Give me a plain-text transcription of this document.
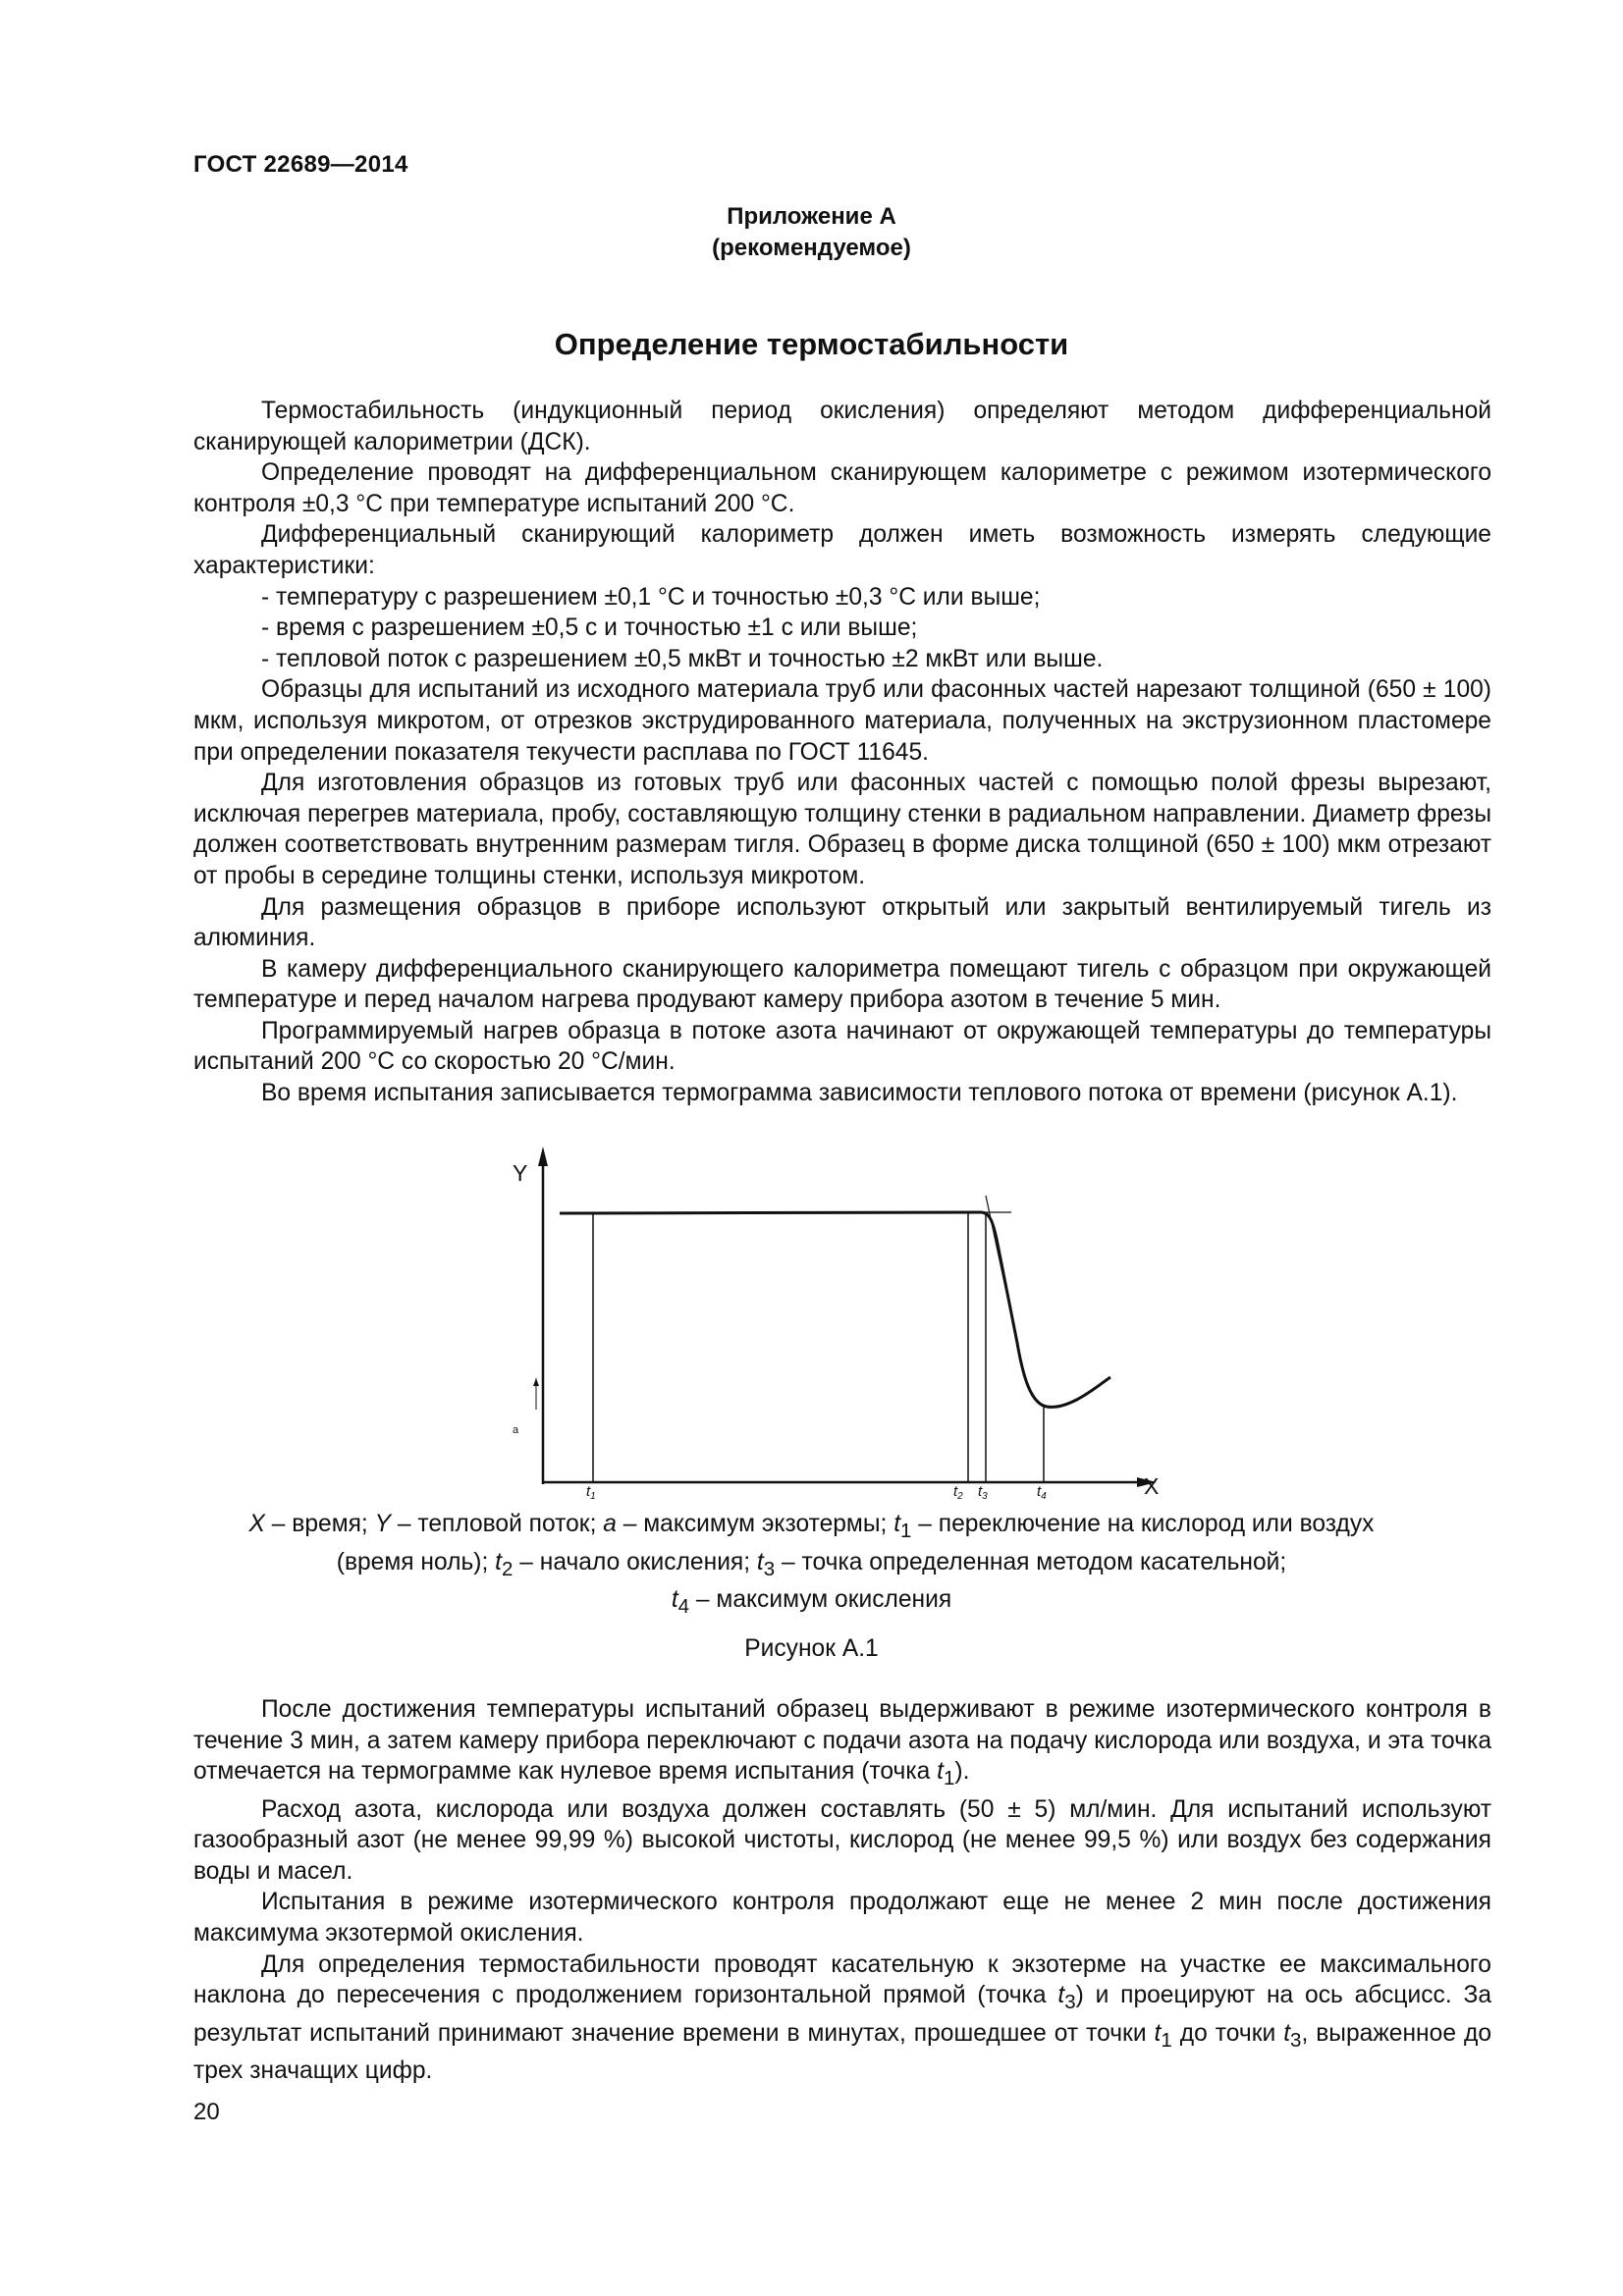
ГОСТ 22689—2014
Приложение А
(рекомендуемое)
Определение термостабильности

Термостабильность (индукционный период окисления) определяют методом дифференциальной сканирующей калориметрии (ДСК).

Определение проводят на дифференциальном сканирующем калориметре с режимом изотермического контроля ±0,3 °С при температуре испытаний 200 °С.

Дифференциальный сканирующий калориметр должен иметь возможность измерять следующие характеристики:

- температуру с разрешением ±0,1 °С и точностью ±0,3 °С или выше;

- время с разрешением ±0,5 с и точностью ±1 с или выше;

- тепловой поток с разрешением ±0,5 мкВт и точностью ±2 мкВт или выше.

Образцы для испытаний из исходного материала труб или фасонных частей нарезают толщиной (650 ± 100) мкм, используя микротом, от отрезков экструдированного материала, полученных на экструзионном пластомере при определении показателя текучести расплава по ГОСТ 11645.

Для изготовления образцов из готовых труб или фасонных частей с помощью полой фрезы вырезают, исключая перегрев материала, пробу, составляющую толщину стенки в радиальном направлении. Диаметр фрезы должен соответствовать внутренним размерам тигля. Образец в форме диска толщиной (650 ± 100) мкм отрезают от пробы в середине толщины стенки, используя микротом.

Для размещения образцов в приборе используют открытый или закрытый вентилируемый тигель из алюминия.

В камеру дифференциального сканирующего калориметра помещают тигель с образцом при окружающей температуре и перед началом нагрева продувают камеру прибора азотом в течение 5 мин.

Программируемый нагрев образца в потоке азота начинают от окружающей температуры до температуры испытаний 200 °С со скоростью 20 °С/мин.

Во время испытания записывается термограмма зависимости теплового потока от времени (рисунок А.1).

а
Y
X
$t_1$	$t_2$ $t_3$	$t_4$
X – время; Y – тепловой поток; а – максимум экзотермы; $t_1$ – переключение на кислород или воздух
(время ноль); $t_2$ – начало окисления; $t_3$ – точка определенная методом касательной;
$t_4$ – максимум окисления
Рисунок А.1

После достижения температуры испытаний образец выдерживают в режиме изотермического контроля в течение 3 мин, а затем камеру прибора переключают с подачи азота на подачу кислорода или воздуха, и эта точка отмечается на термограмме как нулевое время испытания (точка $t_1$).

Расход азота, кислорода или воздуха должен составлять (50 ± 5) мл/мин. Для испытаний используют газообразный азот (не менее 99,99 %) высокой чистоты, кислород (не менее 99,5 %) или воздух без содержания воды и масел.

Испытания в режиме изотермического контроля продолжают еще не менее 2 мин после достижения максимума экзотермой окисления.

Для определения термостабильности проводят касательную к экзотерме на участке ее максимального наклона до пересечения с продолжением горизонтальной прямой (точка $t_3$) и проецируют на ось абсцисс. За результат испытаний принимают значение времени в минутах, прошедшее от точки $t_1$ до точки $t_3$, выраженное до трех значащих цифр.

20
